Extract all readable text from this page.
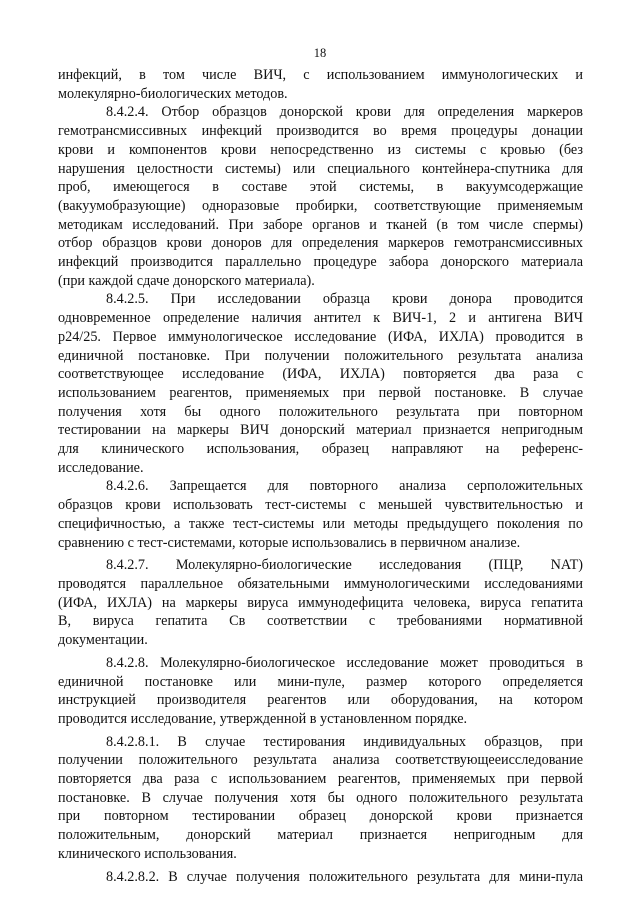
18
инфекций, в том числе ВИЧ, с использованием иммунологических и
молекулярно-биологических методов.
8.4.2.4. Отбор образцов донорской крови для определения маркеров
гемотрансмиссивных инфекций производится во время процедуры донации
крови и компонентов крови непосредственно из системы с кровью (без
нарушения целостности системы) или специального контейнера-спутника для
проб, имеющегося в составе этой системы, в вакуумсодержащие
(вакуумобразующие) одноразовые пробирки, соответствующие применяемым
методикам исследований. При заборе органов и тканей (в том числе спермы)
отбор образцов крови доноров для определения маркеров гемотрансмиссивных
инфекций производится параллельно процедуре забора донорского материала
(при каждой сдаче донорского материала).
8.4.2.5. При исследовании образца крови донора проводится
одновременное определение наличия антител к ВИЧ-1, 2 и антигена ВИЧ
р24/25. Первое иммунологическое исследование (ИФА, ИХЛА) проводится в
единичной постановке. При получении положительного результата анализа
соответствующее исследование (ИФА, ИХЛА) повторяется два раза с
использованием реагентов, применяемых при первой постановке. В случае
получения хотя бы одного положительного результата при повторном
тестировании на маркеры ВИЧ донорский материал признается непригодным
для клинического использования, образец направляют на референс-
исследование.
8.4.2.6. Запрещается для повторного анализа серположительных
образцов крови использовать тест-системы с меньшей чувствительностью и
специфичностью, а также тест-системы или методы предыдущего поколения по
сравнению с тест-системами, которые использовались в первичном анализе.
8.4.2.7. Молекулярно-биологические исследования (ПЦР, NAT)
проводятся параллельное обязательными иммунологическими исследованиями
(ИФА, ИХЛА) на маркеры вируса иммунодефицита человека, вируса гепатита
В, вируса гепатита Св соответствии с требованиями нормативной
документации.
8.4.2.8. Молекулярно-биологическое исследование может проводиться в
единичной постановке или мини-пуле, размер которого определяется
инструкцией производителя реагентов или оборудования, на котором
проводится исследование, утвержденной в установленном порядке.
8.4.2.8.1. В случае тестирования индивидуальных образцов, при
получении положительного результата анализа соответствующееисследование
повторяется два раза с использованием реагентов, применяемых при первой
постановке. В случае получения хотя бы одного положительного результата
при повторном тестировании образец донорской крови признается
положительным, донорский материал признается непригодным для
клинического использования.
8.4.2.8.2. В случае получения положительного результата для мини-пула
